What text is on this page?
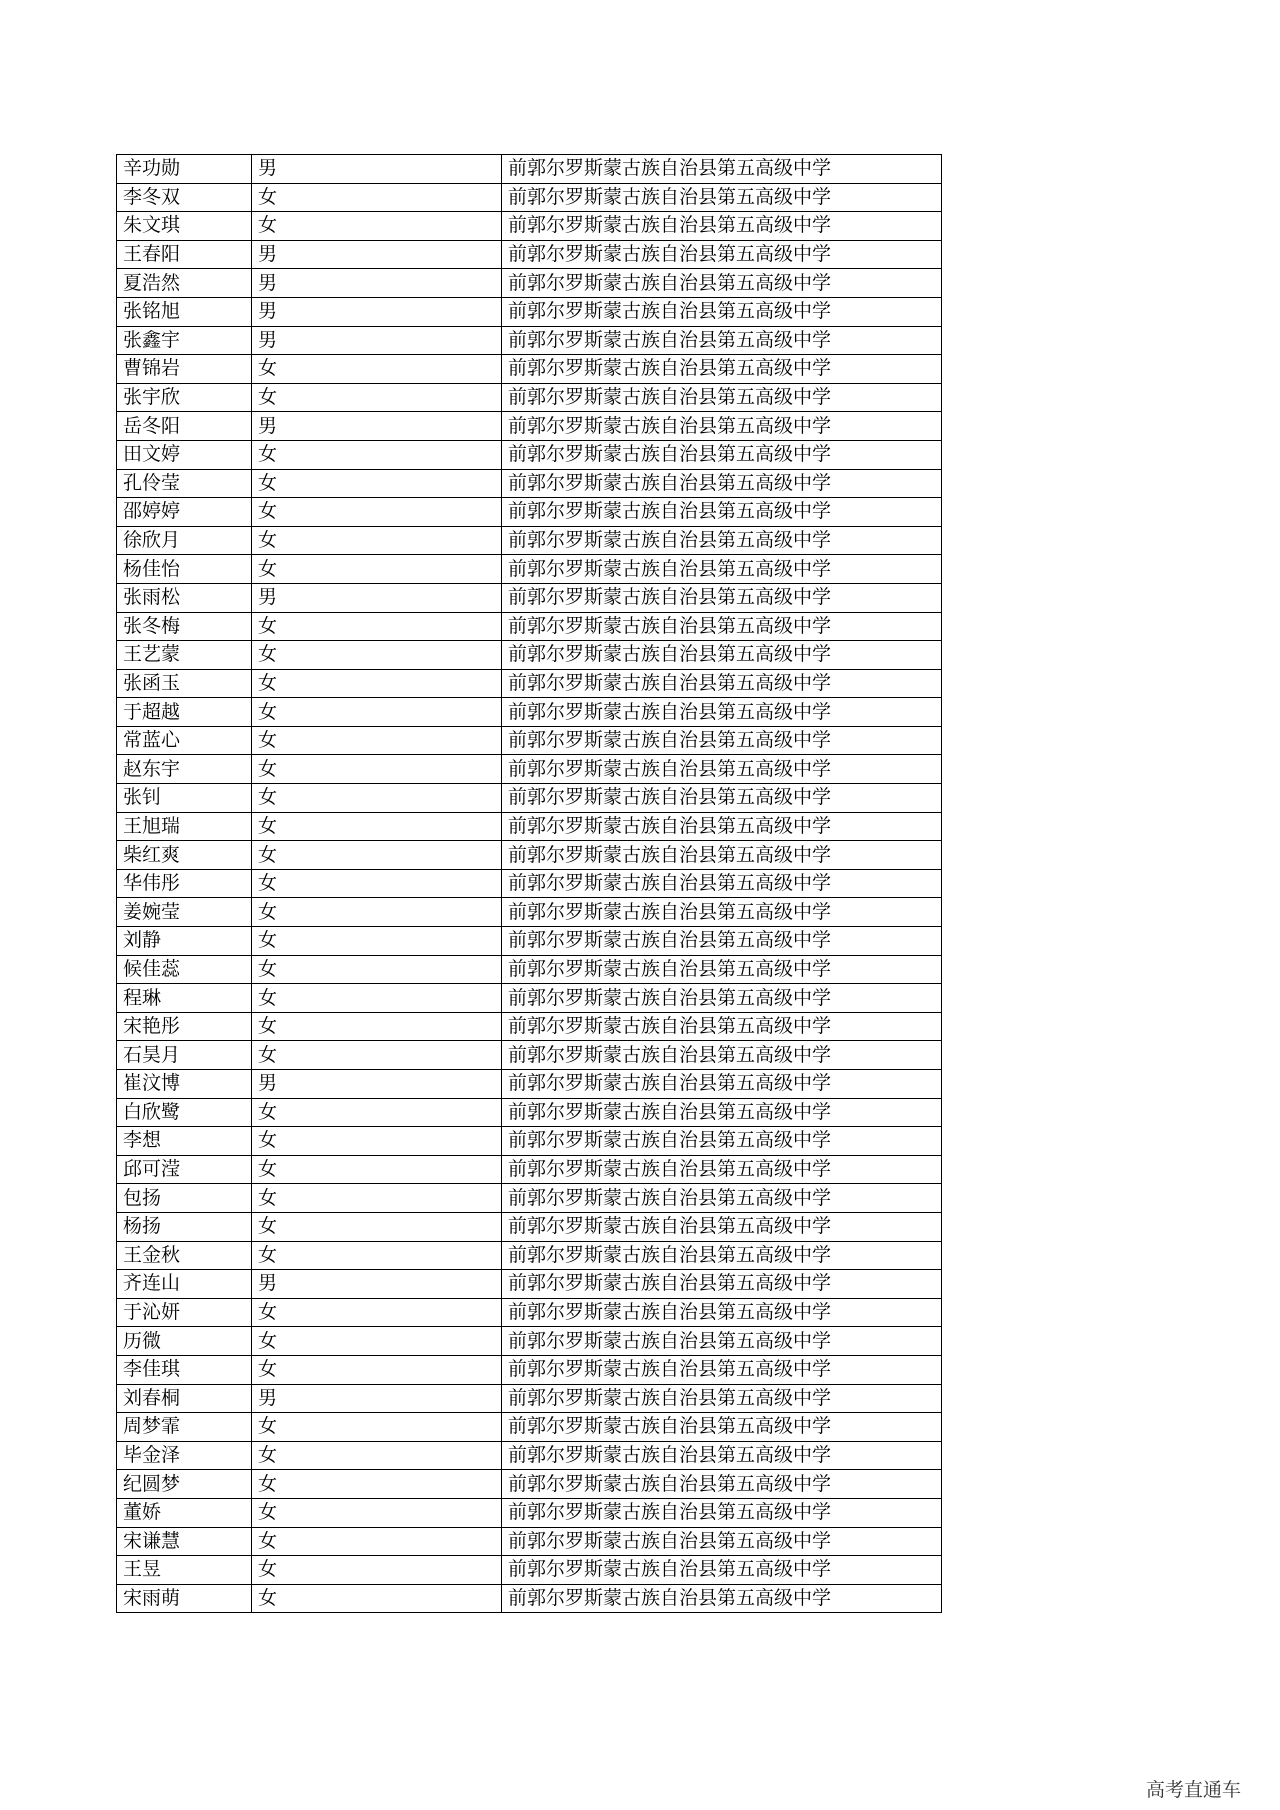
辛功勋	男	前郭尔罗斯蒙古族自治县第五高级中学
李冬双	女	前郭尔罗斯蒙古族自治县第五高级中学
朱文琪	女	前郭尔罗斯蒙古族自治县第五高级中学
王春阳	男	前郭尔罗斯蒙古族自治县第五高级中学
夏浩然	男	前郭尔罗斯蒙古族自治县第五高级中学
张铭旭	男	前郭尔罗斯蒙古族自治县第五高级中学
张鑫宇	男	前郭尔罗斯蒙古族自治县第五高级中学
曹锦岩	女	前郭尔罗斯蒙古族自治县第五高级中学
张宇欣	女	前郭尔罗斯蒙古族自治县第五高级中学
岳冬阳	男	前郭尔罗斯蒙古族自治县第五高级中学
田文婷	女	前郭尔罗斯蒙古族自治县第五高级中学
孔伶莹	女	前郭尔罗斯蒙古族自治县第五高级中学
邵婷婷	女	前郭尔罗斯蒙古族自治县第五高级中学
徐欣月	女	前郭尔罗斯蒙古族自治县第五高级中学
杨佳怡	女	前郭尔罗斯蒙古族自治县第五高级中学
张雨松	男	前郭尔罗斯蒙古族自治县第五高级中学
张冬梅	女	前郭尔罗斯蒙古族自治县第五高级中学
王艺蒙	女	前郭尔罗斯蒙古族自治县第五高级中学
张函玉	女	前郭尔罗斯蒙古族自治县第五高级中学
于超越	女	前郭尔罗斯蒙古族自治县第五高级中学
常蓝心	女	前郭尔罗斯蒙古族自治县第五高级中学
赵东宇	女	前郭尔罗斯蒙古族自治县第五高级中学
张钊	女	前郭尔罗斯蒙古族自治县第五高级中学
王旭瑞	女	前郭尔罗斯蒙古族自治县第五高级中学
柴红爽	女	前郭尔罗斯蒙古族自治县第五高级中学
华伟彤	女	前郭尔罗斯蒙古族自治县第五高级中学
姜婉莹	女	前郭尔罗斯蒙古族自治县第五高级中学
刘静	女	前郭尔罗斯蒙古族自治县第五高级中学
候佳蕊	女	前郭尔罗斯蒙古族自治县第五高级中学
程琳	女	前郭尔罗斯蒙古族自治县第五高级中学
宋艳彤	女	前郭尔罗斯蒙古族自治县第五高级中学
石昊月	女	前郭尔罗斯蒙古族自治县第五高级中学
崔汶博	男	前郭尔罗斯蒙古族自治县第五高级中学
白欣鹭	女	前郭尔罗斯蒙古族自治县第五高级中学
李想	女	前郭尔罗斯蒙古族自治县第五高级中学
邱可滢	女	前郭尔罗斯蒙古族自治县第五高级中学
包扬	女	前郭尔罗斯蒙古族自治县第五高级中学
杨扬	女	前郭尔罗斯蒙古族自治县第五高级中学
王金秋	女	前郭尔罗斯蒙古族自治县第五高级中学
齐连山	男	前郭尔罗斯蒙古族自治县第五高级中学
于沁妍	女	前郭尔罗斯蒙古族自治县第五高级中学
历微	女	前郭尔罗斯蒙古族自治县第五高级中学
李佳琪	女	前郭尔罗斯蒙古族自治县第五高级中学
刘春桐	男	前郭尔罗斯蒙古族自治县第五高级中学
周梦霏	女	前郭尔罗斯蒙古族自治县第五高级中学
毕金泽	女	前郭尔罗斯蒙古族自治县第五高级中学
纪圆梦	女	前郭尔罗斯蒙古族自治县第五高级中学
董娇	女	前郭尔罗斯蒙古族自治县第五高级中学
宋谦慧	女	前郭尔罗斯蒙古族自治县第五高级中学
王昱	女	前郭尔罗斯蒙古族自治县第五高级中学
宋雨萌	女	前郭尔罗斯蒙古族自治县第五高级中学
高考直通车
